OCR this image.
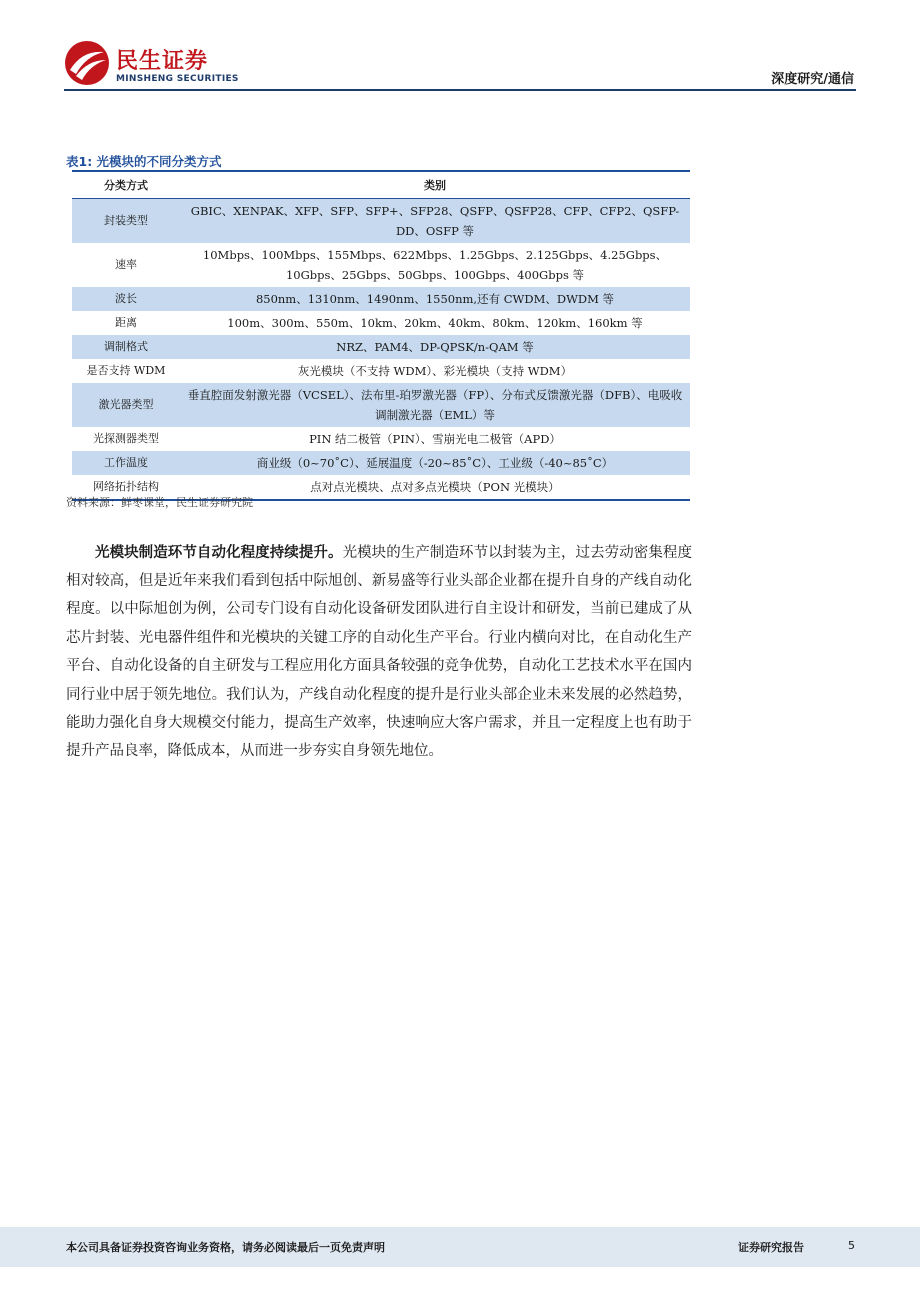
民生证券
MINSHENG SECURITIES	深度研究/通信
表1: 光模块的不同分类方式
分类方式	类别
封装类型	GBIC、XENPAK、XFP、SFP、SFP+、SFP28、QSFP、QSFP28、CFP、CFP2、QSFP-DD、OSFP 等
速率	10Mbps、100Mbps、155Mbps、622Mbps、1.25Gbps、2.125Gbps、4.25Gbps、10Gbps、25Gbps、50Gbps、100Gbps、400Gbps 等
波长	850nm、1310nm、1490nm、1550nm,还有 CWDM、DWDM 等
距离	100m、300m、550m、10km、20km、40km、80km、120km、160km 等
调制格式	NRZ、PAM4、DP-QPSK/n-QAM 等
是否支持 WDM	灰光模块（不支持 WDM）、彩光模块（支持 WDM）
激光器类型	垂直腔面发射激光器（VCSEL）、法布里-珀罗激光器（FP）、分布式反馈激光器（DFB）、电吸收调制激光器（EML）等
光探测器类型	PIN 结二极管（PIN）、雪崩光电二极管（APD）
工作温度	商业级（0~70˚C）、延展温度（-20~85˚C）、工业级（-40~85˚C）
网络拓扑结构	点对点光模块、点对多点光模块（PON 光模块）
资料来源：鲜枣课堂，民生证券研究院

光模块制造环节自动化程度持续提升。光模块的生产制造环节以封装为主，过去劳动密集程度相对较高，但是近年来我们看到包括中际旭创、新易盛等行业头部企业都在提升自身的产线自动化程度。以中际旭创为例，公司专门设有自动化设备研发团队进行自主设计和研发，当前已建成了从芯片封装、光电器件组件和光模块的关键工序的自动化生产平台。行业内横向对比，在自动化生产平台、自动化设备的自主研发与工程应用化方面具备较强的竞争优势，自动化工艺技术水平在国内同行业中居于领先地位。我们认为，产线自动化程度的提升是行业头部企业未来发展的必然趋势，能助力强化自身大规模交付能力，提高生产效率，快速响应大客户需求，并且一定程度上也有助于提升产品良率，降低成本，从而进一步夯实自身领先地位。

本公司具备证券投资咨询业务资格，请务必阅读最后一页免责声明	证券研究报告	5
